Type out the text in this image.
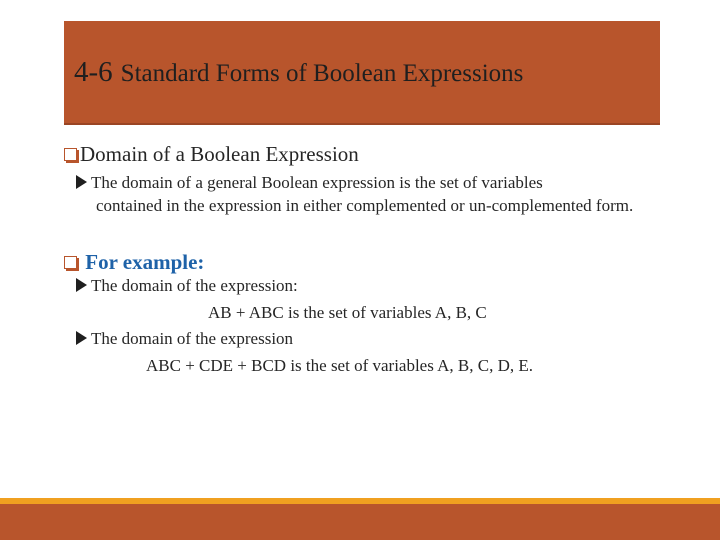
4-6 Standard Forms of Boolean Expressions

Domain of a Boolean Expression

The domain of a general Boolean expression is the set of variables

contained in the expression in either complemented or un-complemented form.

For example:

The domain of the expression:

AB + ABC is the set of variables A, B, C

The domain of the expression

ABC + CDE + BCD is the set of variables A, B, C, D, E.
